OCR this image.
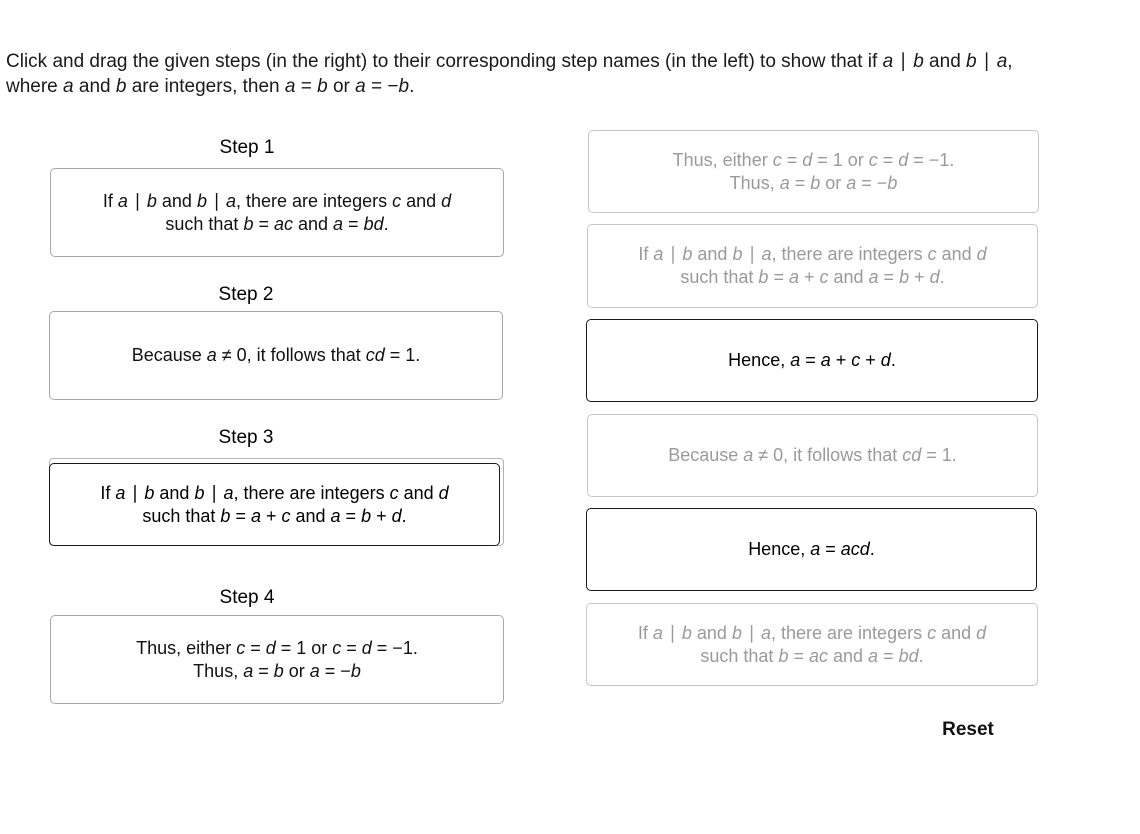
Click and drag the given steps (in the right) to their corresponding step names (in the left) to show that if a ∣ b and b ∣ a,
where a and b are integers, then a = b or a = −b.
Step 1
If a ∣ b and b ∣ a, there are integers c and d
such that b = ac and a = bd.
Step 2
Because a ≠ 0, it follows that cd = 1.
Step 3
If a ∣ b and b ∣ a, there are integers c and d
such that b = a + c and a = b + d.
Step 4
Thus, either c = d = 1 or c = d = −1.
Thus, a = b or a = −b
Thus, either c = d = 1 or c = d = −1.
Thus, a = b or a = −b
If a ∣ b and b ∣ a, there are integers c and d
such that b = a + c and a = b + d.
Hence, a = a + c + d.
Because a ≠ 0, it follows that cd = 1.
Hence, a = acd.
If a ∣ b and b ∣ a, there are integers c and d
such that b = ac and a = bd.
Reset
